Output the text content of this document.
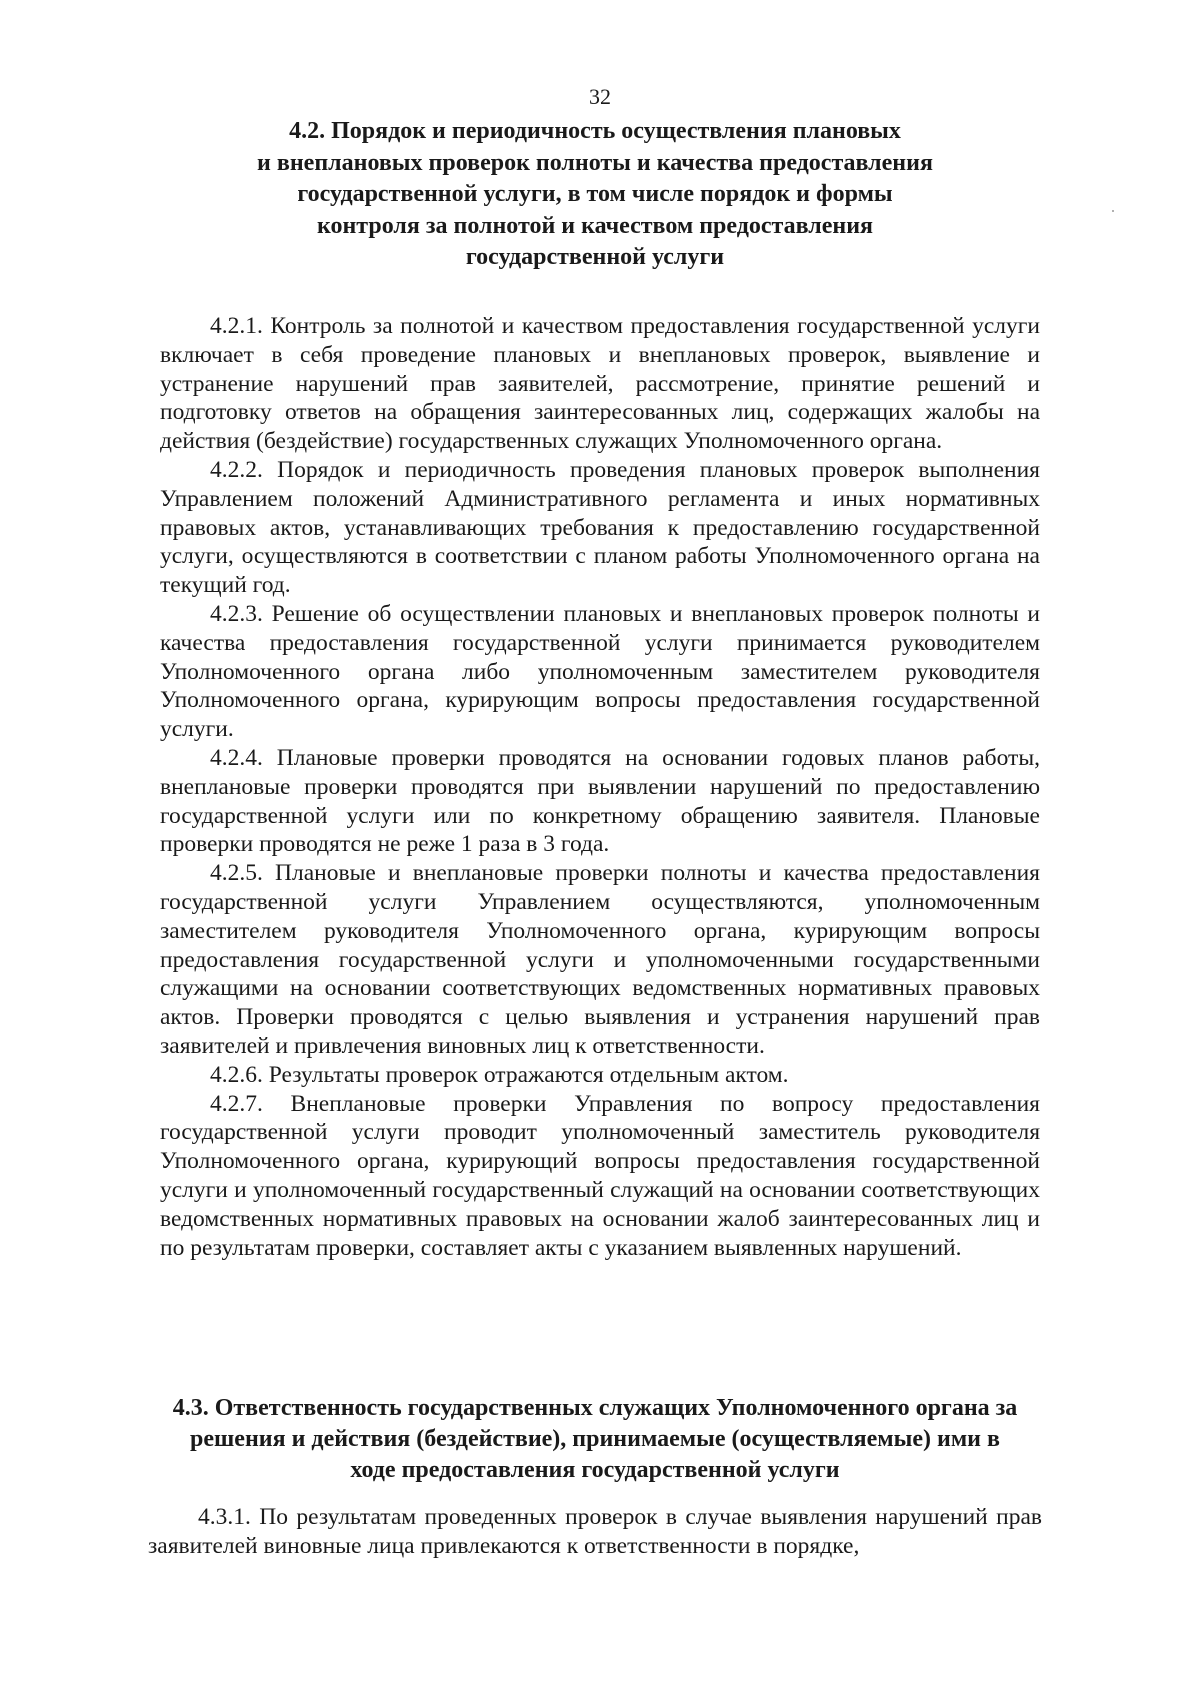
32
4.2. Порядок и периодичность осуществления плановых
и внеплановых проверок полноты и качества предоставления
государственной услуги, в том числе порядок и формы
контроля за полнотой и качеством предоставления
государственной услуги

4.2.1. Контроль за полнотой и качеством предоставления государственной услуги включает в себя проведение плановых и внеплановых проверок, выявление и устранение нарушений прав заявителей, рассмотрение, принятие решений и подготовку ответов на обращения заинтересованных лиц, содержащих жалобы на действия (бездействие) государственных служащих Уполномоченного органа.

4.2.2. Порядок и периодичность проведения плановых проверок выполнения Управлением положений Административного регламента и иных нормативных правовых актов, устанавливающих требования к предоставлению государственной услуги, осуществляются в соответствии с планом работы Уполномоченного органа на текущий год.

4.2.3. Решение об осуществлении плановых и внеплановых проверок полноты и качества предоставления государственной услуги принимается руководителем Уполномоченного органа либо уполномоченным заместителем руководителя Уполномоченного органа, курирующим вопросы предоставления государственной услуги.

4.2.4. Плановые проверки проводятся на основании годовых планов работы, внеплановые проверки проводятся при выявлении нарушений по предоставлению государственной услуги или по конкретному обращению заявителя. Плановые проверки проводятся не реже 1 раза в 3 года.

4.2.5. Плановые и внеплановые проверки полноты и качества предоставления государственной услуги Управлением осуществляются, уполномоченным заместителем руководителя Уполномоченного органа, курирующим вопросы предоставления государственной услуги и уполномоченными государственными служащими на основании соответствующих ведомственных нормативных правовых актов. Проверки проводятся с целью выявления и устранения нарушений прав заявителей и привлечения виновных лиц к ответственности.

4.2.6. Результаты проверок отражаются отдельным актом.

4.2.7. Внеплановые проверки Управления по вопросу предоставления государственной услуги проводит уполномоченный заместитель руководителя Уполномоченного органа, курирующий вопросы предоставления государственной услуги и уполномоченный государственный служащий на основании соответствующих ведомственных нормативных правовых на основании жалоб заинтересованных лиц и по результатам проверки, составляет акты с указанием выявленных нарушений.

4.3. Ответственность государственных служащих Уполномоченного органа за
решения и действия (бездействие), принимаемые (осуществляемые) ими в
ходе предоставления государственной услуги

4.3.1. По результатам проведенных проверок в случае выявления нарушений прав заявителей виновные лица привлекаются к ответственности в порядке,
